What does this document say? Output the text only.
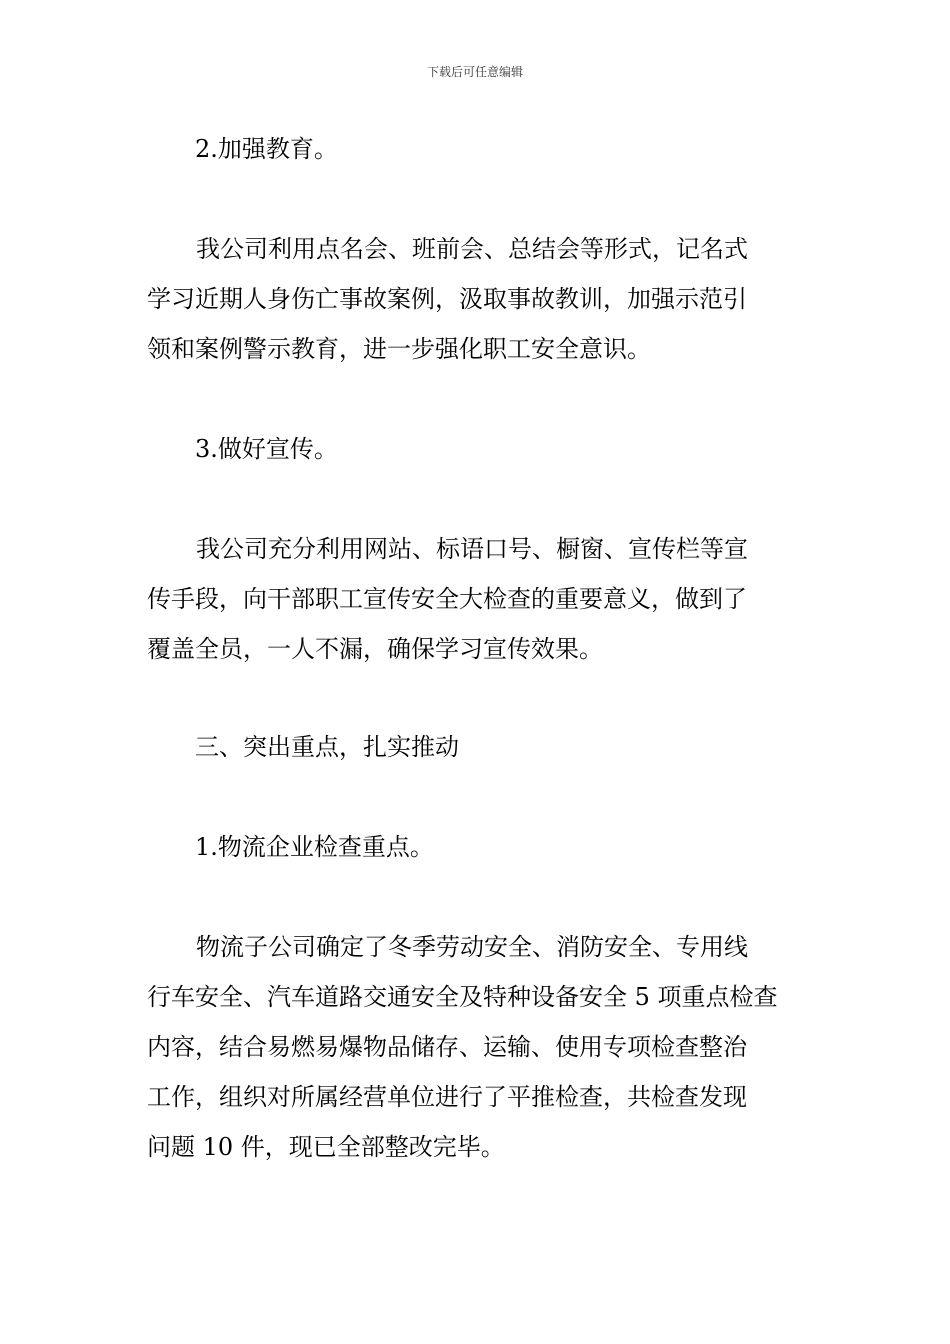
下载后可任意编辑
2.加强教育。
我公司利用点名会、班前会、总结会等形式，记名式
学习近期人身伤亡事故案例，汲取事故教训，加强示范引
领和案例警示教育，进一步强化职工安全意识。
3.做好宣传。
我公司充分利用网站、标语口号、橱窗、宣传栏等宣
传手段，向干部职工宣传安全大检查的重要意义，做到了
覆盖全员，一人不漏，确保学习宣传效果。
三、突出重点，扎实推动
1.物流企业检查重点。
物流子公司确定了冬季劳动安全、消防安全、专用线
行车安全、汽车道路交通安全及特种设备安全 5 项重点检查
内容，结合易燃易爆物品储存、运输、使用专项检查整治
工作，组织对所属经营单位进行了平推检查，共检查发现
问题 10 件，现已全部整改完毕。
